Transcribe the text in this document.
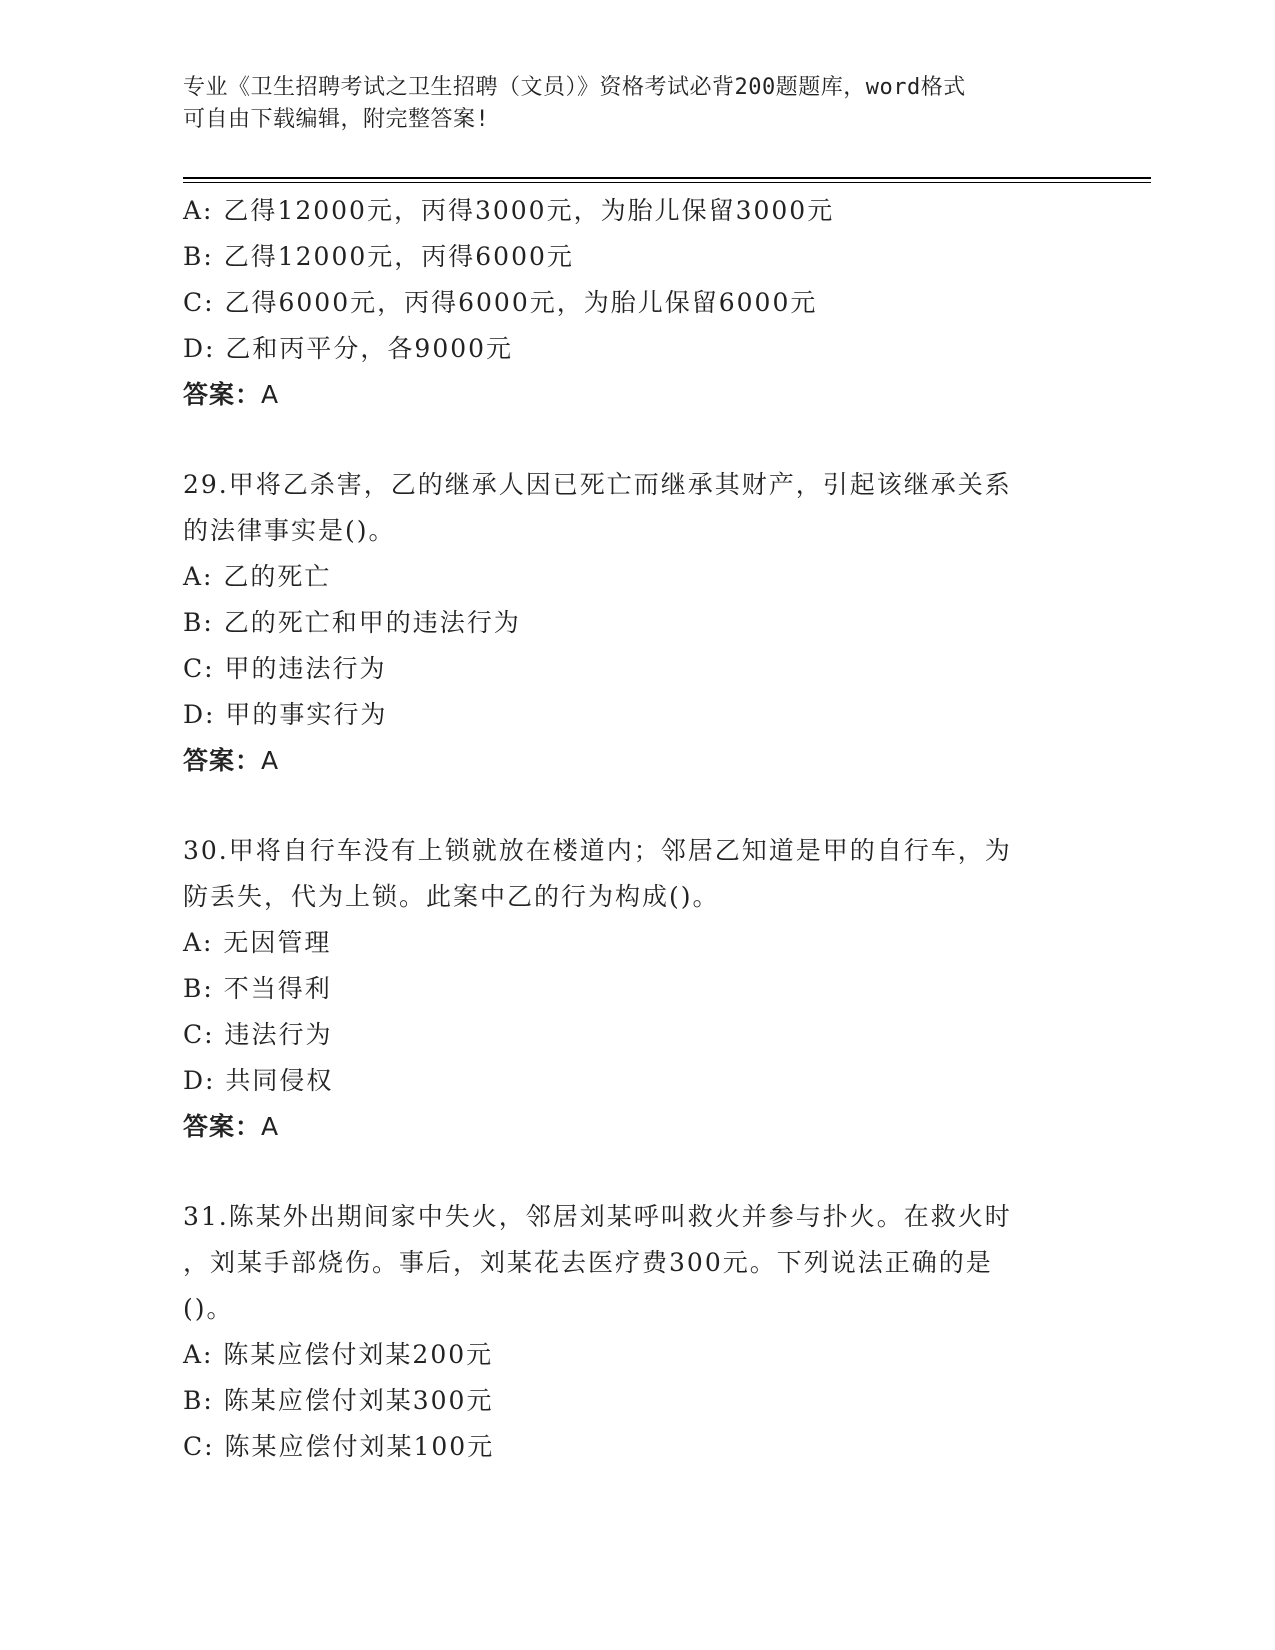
专业《卫生招聘考试之卫生招聘（文员）》资格考试必背200题题库，word格式
可自由下载编辑，附完整答案!
A: 乙得12000元，丙得3000元，为胎儿保留3000元
B: 乙得12000元，丙得6000元
C: 乙得6000元，丙得6000元，为胎儿保留6000元
D: 乙和丙平分，各9000元
答案：A
29.甲将乙杀害，乙的继承人因已死亡而继承其财产，引起该继承关系
的法律事实是()。
A: 乙的死亡
B: 乙的死亡和甲的违法行为
C: 甲的违法行为
D: 甲的事实行为
答案：A
30.甲将自行车没有上锁就放在楼道内；邻居乙知道是甲的自行车，为
防丢失，代为上锁。此案中乙的行为构成()。
A: 无因管理
B: 不当得利
C: 违法行为
D: 共同侵权
答案：A
31.陈某外出期间家中失火，邻居刘某呼叫救火并参与扑火。在救火时
，刘某手部烧伤。事后，刘某花去医疗费300元。下列说法正确的是
()。
A: 陈某应偿付刘某200元
B: 陈某应偿付刘某300元
C: 陈某应偿付刘某100元
